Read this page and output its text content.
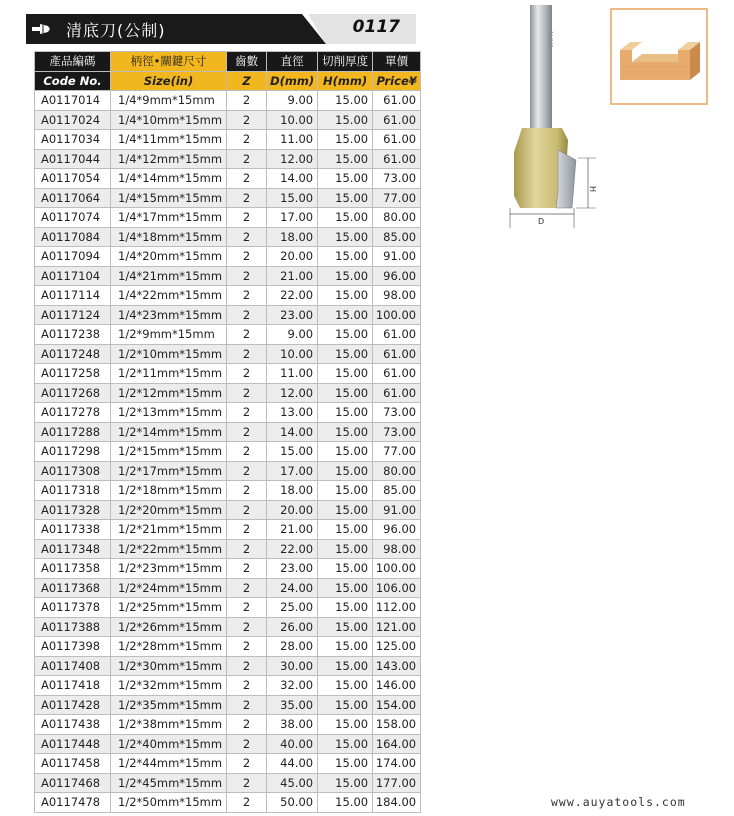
清底刀(公制)	0117
產品編碼	柄徑•關鍵尺寸	齒數	直徑	切削厚度	單價
Code No.	Size(in)	Z	D(mm)	H(mm)	Price¥
A0117014	1/4*9mm*15mm	2	9.00	15.00	61.00
A0117024	1/4*10mm*15mm	2	10.00	15.00	61.00
A0117034	1/4*11mm*15mm	2	11.00	15.00	61.00
A0117044	1/4*12mm*15mm	2	12.00	15.00	61.00
A0117054	1/4*14mm*15mm	2	14.00	15.00	73.00
A0117064	1/4*15mm*15mm	2	15.00	15.00	77.00
A0117074	1/4*17mm*15mm	2	17.00	15.00	80.00
A0117084	1/4*18mm*15mm	2	18.00	15.00	85.00
A0117094	1/4*20mm*15mm	2	20.00	15.00	91.00
A0117104	1/4*21mm*15mm	2	21.00	15.00	96.00
A0117114	1/4*22mm*15mm	2	22.00	15.00	98.00
A0117124	1/4*23mm*15mm	2	23.00	15.00	100.00
A0117238	1/2*9mm*15mm	2	9.00	15.00	61.00
A0117248	1/2*10mm*15mm	2	10.00	15.00	61.00
A0117258	1/2*11mm*15mm	2	11.00	15.00	61.00
A0117268	1/2*12mm*15mm	2	12.00	15.00	61.00
A0117278	1/2*13mm*15mm	2	13.00	15.00	73.00
A0117288	1/2*14mm*15mm	2	14.00	15.00	73.00
A0117298	1/2*15mm*15mm	2	15.00	15.00	77.00
A0117308	1/2*17mm*15mm	2	17.00	15.00	80.00
A0117318	1/2*18mm*15mm	2	18.00	15.00	85.00
A0117328	1/2*20mm*15mm	2	20.00	15.00	91.00
A0117338	1/2*21mm*15mm	2	21.00	15.00	96.00
A0117348	1/2*22mm*15mm	2	22.00	15.00	98.00
A0117358	1/2*23mm*15mm	2	23.00	15.00	100.00
A0117368	1/2*24mm*15mm	2	24.00	15.00	106.00
A0117378	1/2*25mm*15mm	2	25.00	15.00	112.00
A0117388	1/2*26mm*15mm	2	26.00	15.00	121.00
A0117398	1/2*28mm*15mm	2	28.00	15.00	125.00
A0117408	1/2*30mm*15mm	2	30.00	15.00	143.00
A0117418	1/2*32mm*15mm	2	32.00	15.00	146.00
A0117428	1/2*35mm*15mm	2	35.00	15.00	154.00
A0117438	1/2*38mm*15mm	2	38.00	15.00	158.00
A0117448	1/2*40mm*15mm	2	40.00	15.00	164.00
A0117458	1/2*44mm*15mm	2	44.00	15.00	174.00
A0117468	1/2*45mm*15mm	2	45.00	15.00	177.00
A0117478	1/2*50mm*15mm	2	50.00	15.00	184.00
AUYA
D
H
www.auyatools.com
